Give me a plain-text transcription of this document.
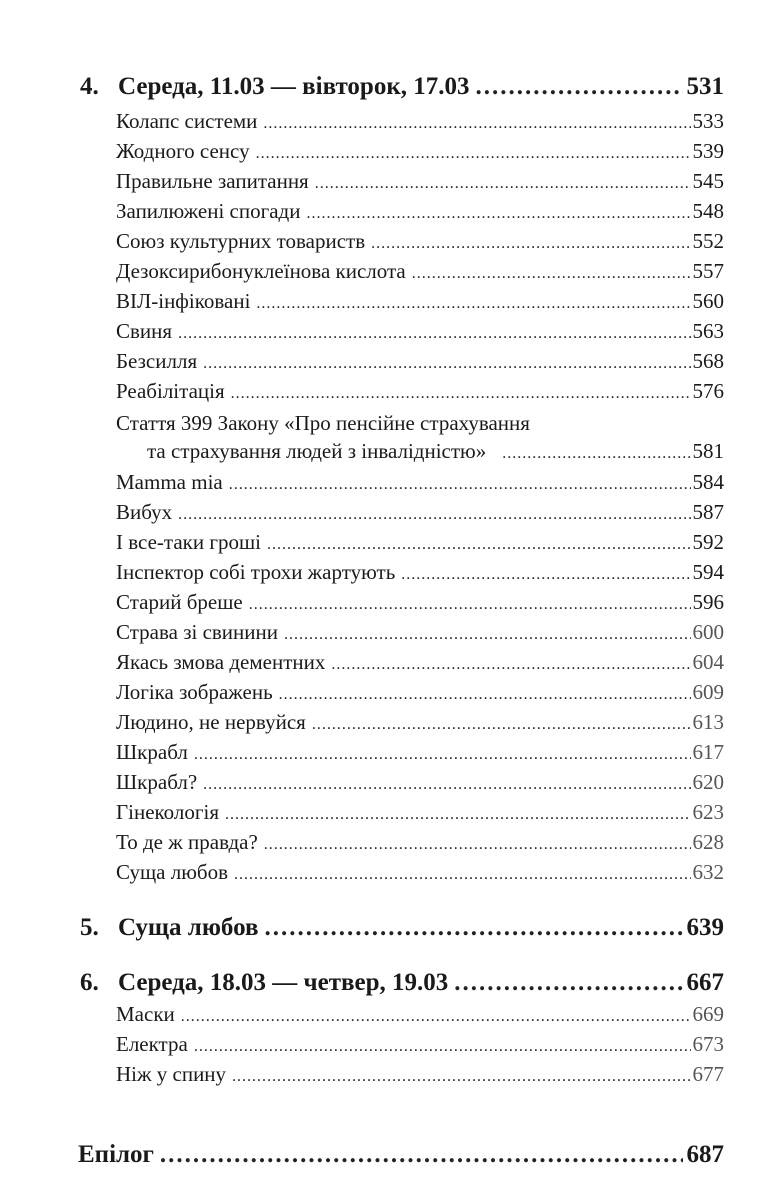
4. Середа, 11.03 — вівторок, 17.03 .....	531
Колапс системи .....	533
Жодного сенсу .....	539
Правильне запитання .....	545
Запилюжені спогади .....	548
Союз культурних товариств .....	552
Дезоксирибонуклеїнова кислота .....	557
ВІЛ-інфіковані .....	560
Свиня .....	563
Безсилля .....	568
Реабілітація .....	576
Стаття 399 Закону «Про пенсійне страхування
та страхування людей з інвалідністю» .....	581
Mamma mia .....	584
Вибух .....	587
І все-таки гроші .....	592
Інспектор собі трохи жартують .....	594
Старий бреше .....	596
Страва зі свинини .....	600
Якась змова дементних .....	604
Логіка зображень .....	609
Людино, не нервуйся .....	613
Шкрабл .....	617
Шкрабл? .....	620
Гінекологія .....	623
То де ж правда? .....	628
Суща любов .....	632
5. Суща любов .....	639
6. Середа, 18.03 — четвер, 19.03 .....	667
Маски .....	669
Електра .....	673
Ніж у спину .....	677
Епілог .....	687
